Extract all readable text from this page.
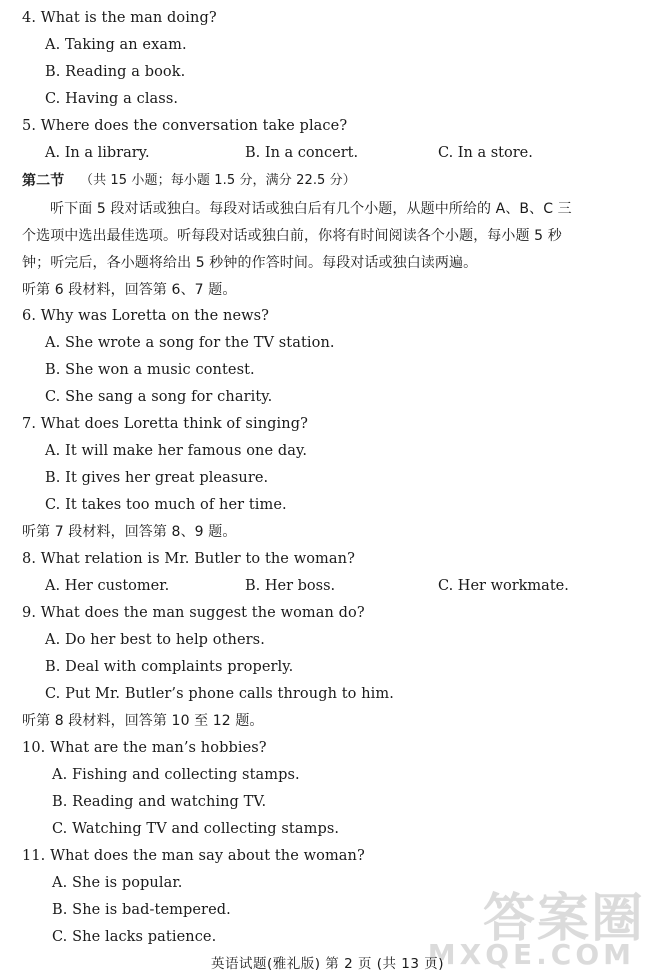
4. What is the man doing?
A. Taking an exam.
B. Reading a book.
C. Having a class.
5. Where does the conversation take place?
A. In a library.	B. In a concert.	C. In a store.
第二节 （共 15 小题；每小题 1.5 分，满分 22.5 分）
听下面 5 段对话或独白。每段对话或独白后有几个小题，从题中所给的 A、B、C 三
个选项中选出最佳选项。听每段对话或独白前，你将有时间阅读各个小题，每小题 5 秒
钟；听完后，各小题将给出 5 秒钟的作答时间。每段对话或独白读两遍。
听第 6 段材料，回答第 6、7 题。
6. Why was Loretta on the news?
A. She wrote a song for the TV station.
B. She won a music contest.
C. She sang a song for charity.
7. What does Loretta think of singing?
A. It will make her famous one day.
B. It gives her great pleasure.
C. It takes too much of her time.
听第 7 段材料，回答第 8、9 题。
8. What relation is Mr. Butler to the woman?
A. Her customer.	B. Her boss.	C. Her workmate.
9. What does the man suggest the woman do?
A. Do her best to help others.
B. Deal with complaints properly.
C. Put Mr. Butler’s phone calls through to him.
听第 8 段材料，回答第 10 至 12 题。
10. What are the man’s hobbies?
A. Fishing and collecting stamps.
B. Reading and watching TV.
C. Watching TV and collecting stamps.
11. What does the man say about the woman?
A. She is popular.
B. She is bad-tempered.
C. She lacks patience.	答案圈
MXQE.COM
英语试题(雅礼版) 第 2 页 (共 13 页)
